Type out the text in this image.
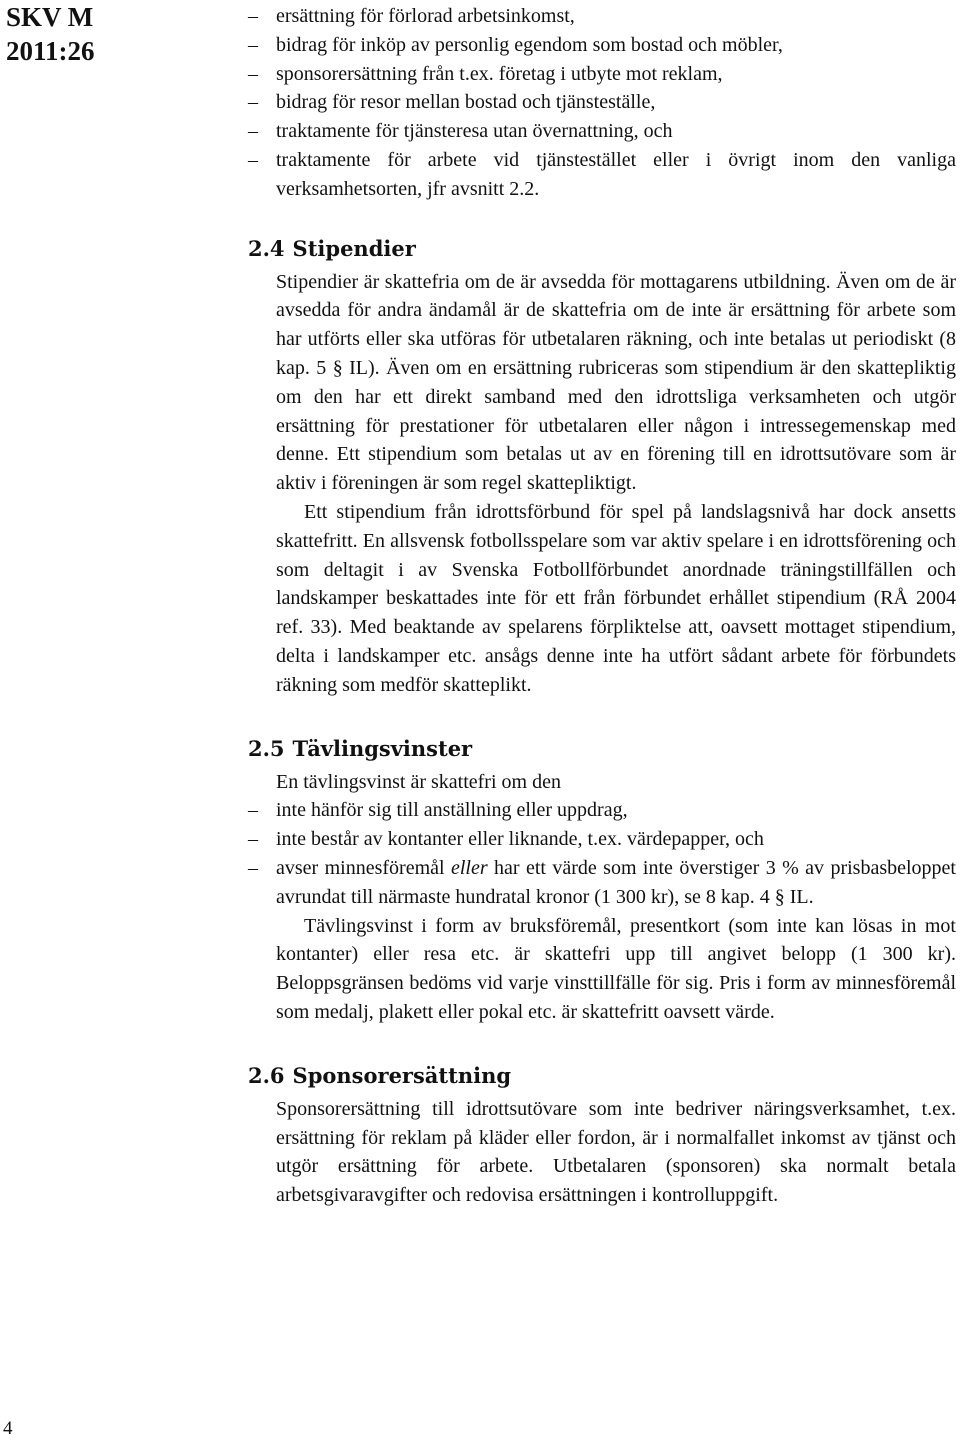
SKV M
2011:26
– ersättning för förlorad arbetsinkomst,
– bidrag för inköp av personlig egendom som bostad och möbler,
– sponsorersättning från t.ex. företag i utbyte mot reklam,
– bidrag för resor mellan bostad och tjänsteställe,
– traktamente för tjänsteresa utan övernattning, och
– traktamente för arbete vid tjänstestället eller i övrigt inom den vanliga verksamhetsorten, jfr avsnitt 2.2.
2.4 Stipendier

Stipendier är skattefria om de är avsedda för mottagarens utbildning. Även om de är avsedda för andra ändamål är de skattefria om de inte är ersättning för arbete som har utförts eller ska utföras för utbetalaren räkning, och inte betalas ut periodiskt (8 kap. 5 § IL). Även om en ersättning rubriceras som stipendium är den skattepliktig om den har ett direkt samband med den idrottsliga verksamheten och utgör ersättning för prestationer för utbetalaren eller någon i intressegemenskap med denne. Ett stipendium som betalas ut av en förening till en idrottsutövare som är aktiv i föreningen är som regel skattepliktigt.

Ett stipendium från idrottsförbund för spel på landslagsnivå har dock ansetts skattefritt. En allsvensk fotbollsspelare som var aktiv spelare i en idrottsförening och som deltagit i av Svenska Fotbollförbundet anordnade träningstillfällen och landskamper beskattades inte för ett från förbundet erhållet stipendium (RÅ 2004 ref. 33). Med beaktande av spelarens förpliktelse att, oavsett mottaget stipendium, delta i landskamper etc. ansågs denne inte ha utfört sådant arbete för förbundets räkning som medför skatteplikt.

2.5 Tävlingsvinster

En tävlingsvinst är skattefri om den

– inte hänför sig till anställning eller uppdrag,
– inte består av kontanter eller liknande, t.ex. värdepapper, och
– avser minnesföremål eller har ett värde som inte överstiger 3 % av prisbasbeloppet avrundat till närmaste hundratal kronor (1 300 kr), se 8 kap. 4 § IL.

Tävlingsvinst i form av bruksföremål, presentkort (som inte kan lösas in mot kontanter) eller resa etc. är skattefri upp till angivet belopp (1 300 kr). Beloppsgränsen bedöms vid varje vinsttillfälle för sig. Pris i form av minnesföremål som medalj, plakett eller pokal etc. är skattefritt oavsett värde.

2.6 Sponsorersättning

Sponsorersättning till idrottsutövare som inte bedriver näringsverksamhet, t.ex. ersättning för reklam på kläder eller fordon, är i normalfallet inkomst av tjänst och utgör ersättning för arbete. Utbetalaren (sponsoren) ska normalt betala arbetsgivaravgifter och redovisa ersättningen i kontrolluppgift.

4
